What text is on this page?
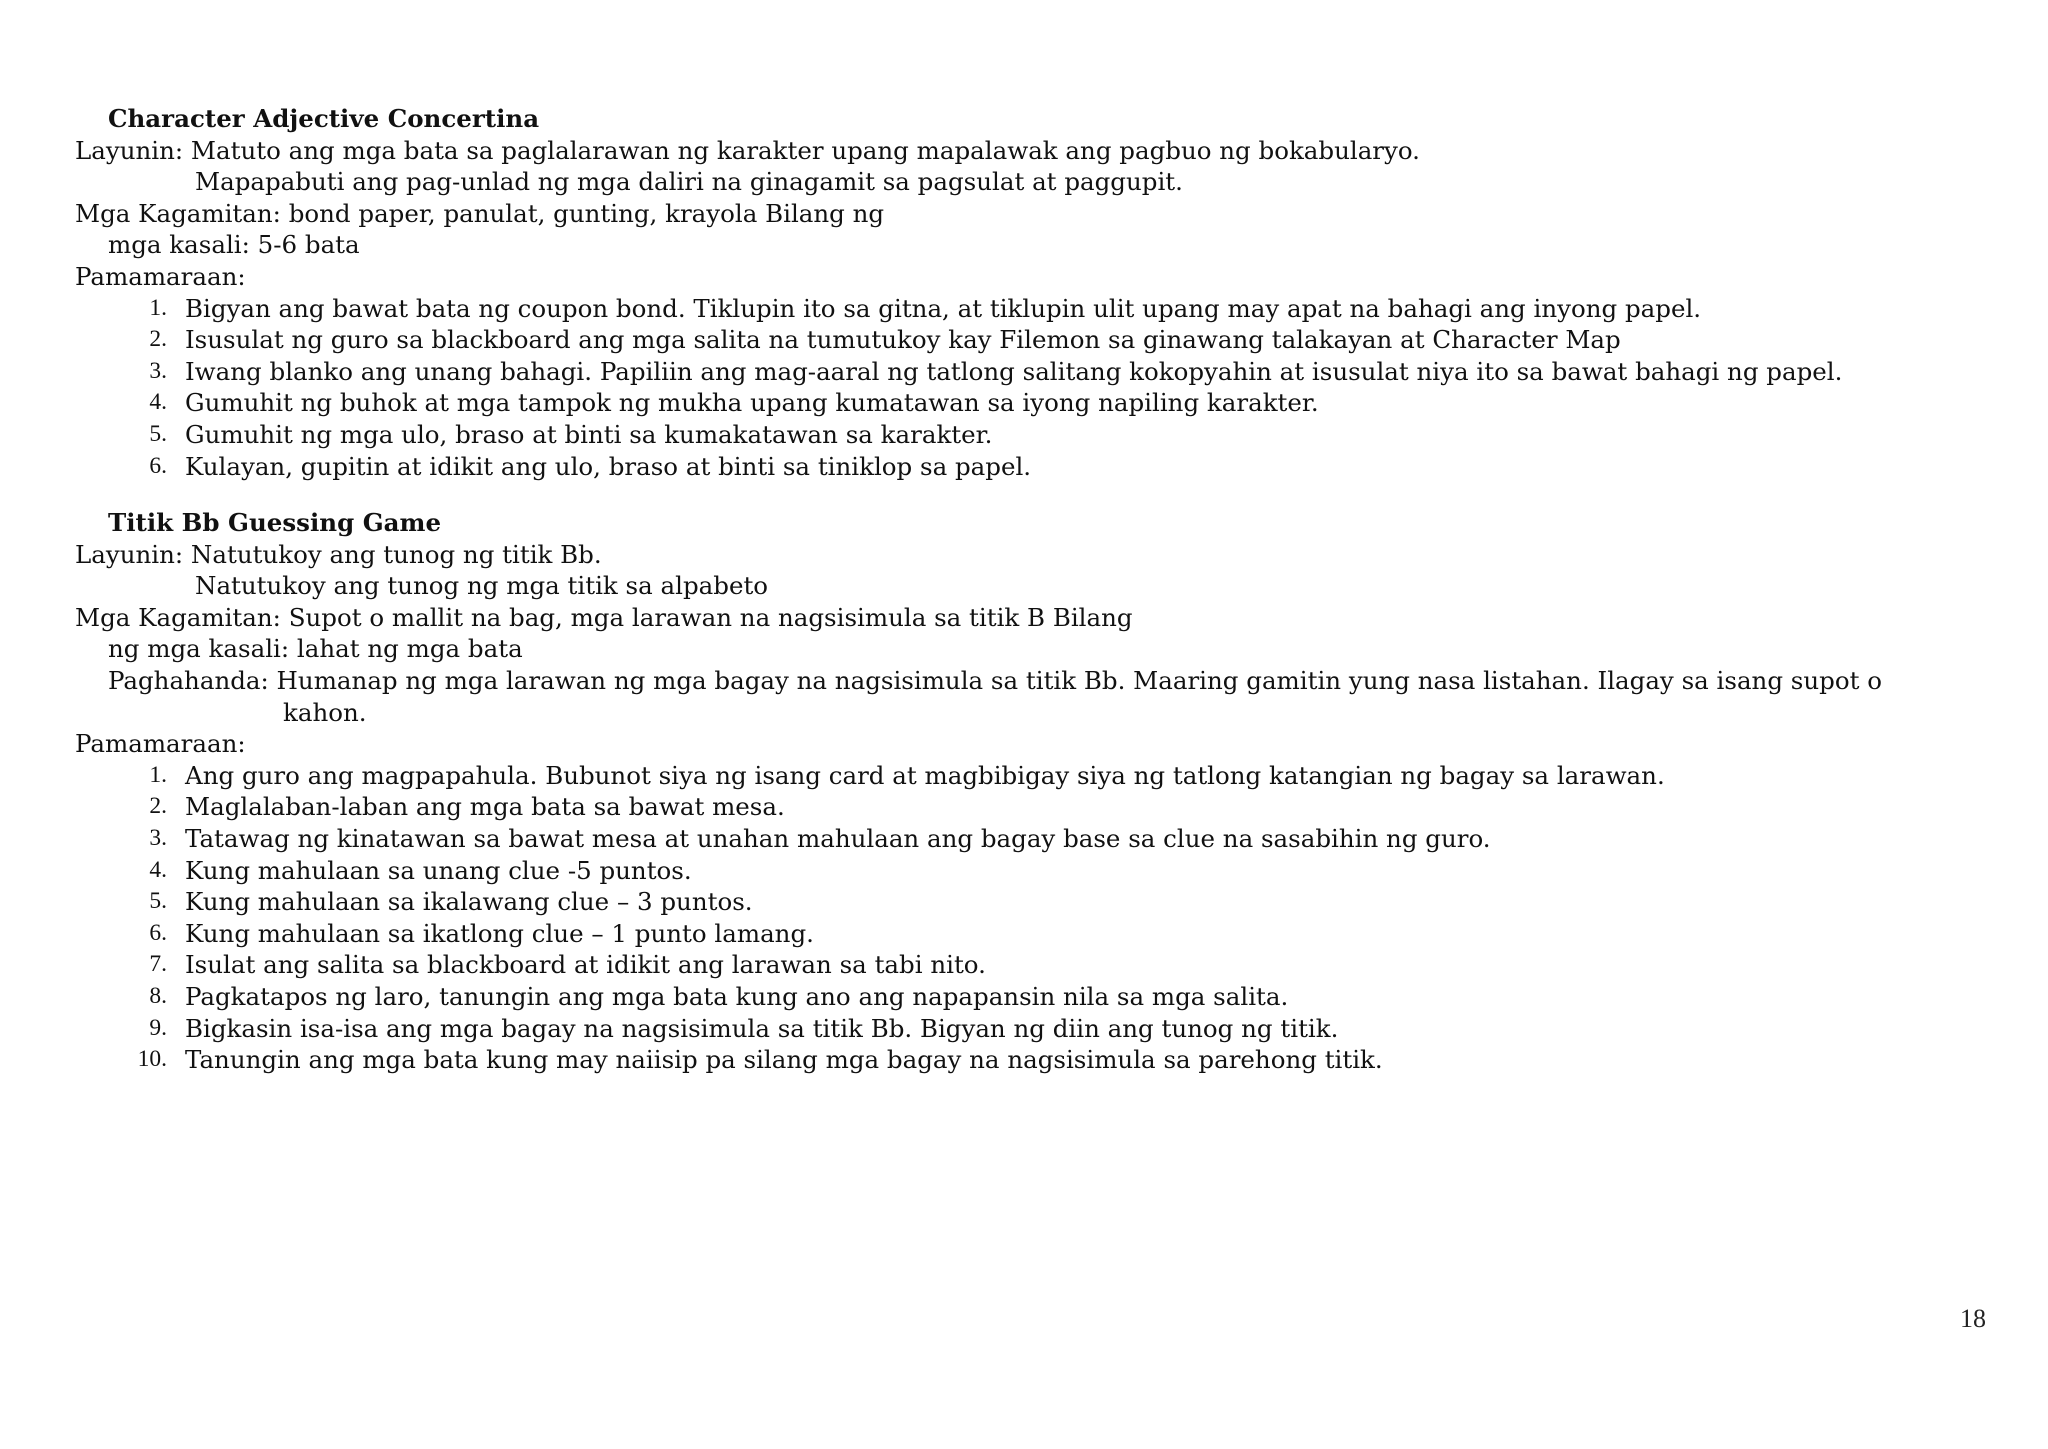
Character Adjective Concertina
Layunin: Matuto ang mga bata sa paglalarawan ng karakter upang mapalawak ang pagbuo ng bokabularyo.
Mapapabuti ang pag-unlad ng mga daliri na ginagamit sa pagsulat at paggupit.
Mga Kagamitan: bond paper, panulat, gunting, krayola Bilang ng
mga kasali: 5-6 bata
Pamamaraan:
1. Bigyan ang bawat bata ng coupon bond. Tiklupin ito sa gitna, at tiklupin ulit upang may apat na bahagi ang inyong papel.
2. Isusulat ng guro sa blackboard ang mga salita na tumutukoy kay Filemon sa ginawang talakayan at Character Map
3. Iwang blanko ang unang bahagi. Papiliin ang mag-aaral ng tatlong salitang kokopyahin at isusulat niya ito sa bawat bahagi ng papel.
4. Gumuhit ng buhok at mga tampok ng mukha upang kumatawan sa iyong napiling karakter.
5. Gumuhit ng mga ulo, braso at binti sa kumakatawan sa karakter.
6. Kulayan, gupitin at idikit ang ulo, braso at binti sa tiniklop sa papel.
Titik Bb Guessing Game
Layunin: Natutukoy ang tunog ng titik Bb.
Natutukoy ang tunog ng mga titik sa alpabeto
Mga Kagamitan: Supot o mallit na bag, mga larawan na nagsisimula sa titik B Bilang
ng mga kasali: lahat ng mga bata
Paghahanda: Humanap ng mga larawan ng mga bagay na nagsisimula sa titik Bb. Maaring gamitin yung nasa listahan. Ilagay sa isang supot o
kahon.
Pamamaraan:
1. Ang guro ang magpapahula. Bubunot siya ng isang card at magbibigay siya ng tatlong katangian ng bagay sa larawan.
2. Maglalaban-laban ang mga bata sa bawat mesa.
3. Tatawag ng kinatawan sa bawat mesa at unahan mahulaan ang bagay base sa clue na sasabihin ng guro.
4. Kung mahulaan sa unang clue -5 puntos.
5. Kung mahulaan sa ikalawang clue – 3 puntos.
6. Kung mahulaan sa ikatlong clue – 1 punto lamang.
7. Isulat ang salita sa blackboard at idikit ang larawan sa tabi nito.
8. Pagkatapos ng laro, tanungin ang mga bata kung ano ang napapansin nila sa mga salita.
9. Bigkasin isa-isa ang mga bagay na nagsisimula sa titik Bb. Bigyan ng diin ang tunog ng titik.
10. Tanungin ang mga bata kung may naiisip pa silang mga bagay na nagsisimula sa parehong titik.
18
